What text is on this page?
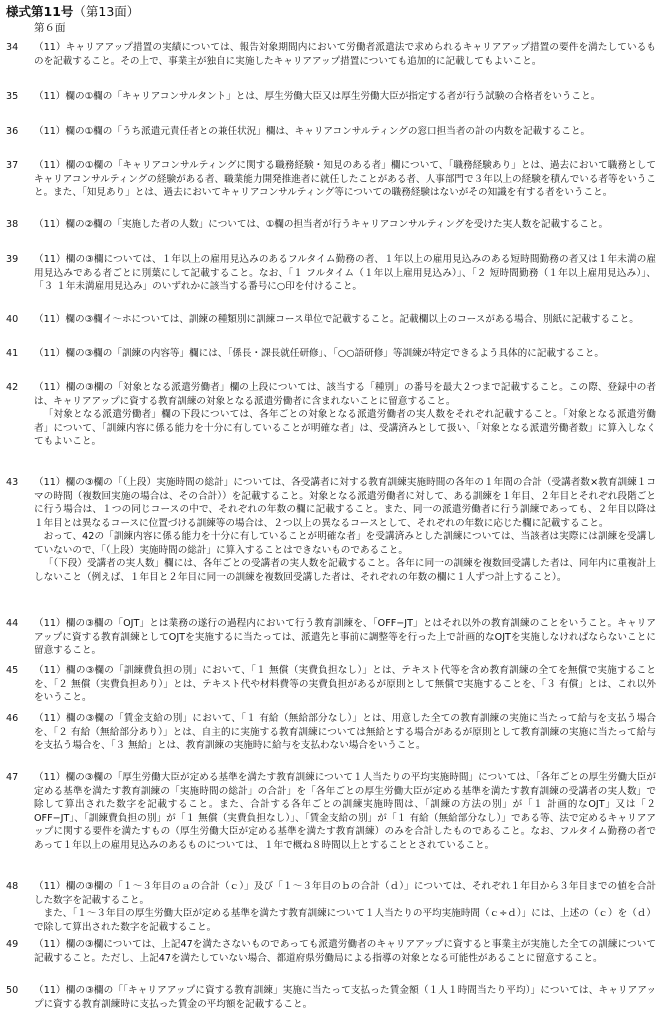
様式第11号（第13面）
第６面
34	（11）キャリアアップ措置の実績については、報告対象期間内において労働者派遣法で求められるキャリアアップ措置の要件を満たしているものを記載すること。その上で、事業主が独自に実施したキャリアアップ措置についても追加的に記載してもよいこと。

35	（11）欄の①欄の「キャリアコンサルタント」とは、厚生労働大臣又は厚生労働大臣が指定する者が行う試験の合格者をいうこと。

36	（11）欄の①欄の「うち派遣元責任者との兼任状況」欄は、キャリアコンサルティングの窓口担当者の計の内数を記載すること。

37	（11）欄の①欄の「キャリアコンサルティングに関する職務経験・知見のある者」欄について、「職務経験あり」とは、過去において職務としてキャリアコンサルティングの経験がある者、職業能力開発推進者に就任したことがある者、人事部門で３年以上の経験を積んでいる者等をいうこと。また、「知見あり」とは、過去においてキャリアコンサルティング等についての職務経験はないがその知識を有する者をいうこと。

38	（11）欄の②欄の「実施した者の人数」については、①欄の担当者が行うキャリアコンサルティングを受けた実人数を記載すること。

39	（11）欄の③欄については、１年以上の雇用見込みのあるフルタイム勤務の者、１年以上の雇用見込みのある短時間勤務の者又は１年未満の雇用見込みである者ごとに別葉にして記載すること。なお、「１ フルタイム（１年以上雇用見込み）」、「２ 短時間勤務（１年以上雇用見込み）」、「３ １年未満雇用見込み」のいずれかに該当する番号に○印を付けること。

40	（11）欄の③欄イ～ホについては、訓練の種類別に訓練コース単位で記載すること。記載欄以上のコースがある場合、別紙に記載すること。

41	（11）欄の③欄の「訓練の内容等」欄には、「係長・課長就任研修」、「○○語研修」等訓練が特定できるよう具体的に記載すること。

42	（11）欄の③欄の「対象となる派遣労働者」欄の上段については、該当する「種別」の番号を最大２つまで記載すること。この際、登録中の者は、キャリアアップに資する教育訓練の対象となる派遣労働者に含まれないことに留意すること。

「対象となる派遣労働者」欄の下段については、各年ごとの対象となる派遣労働者の実人数をそれぞれ記載すること。「対象となる派遣労働者」について、「訓練内容に係る能力を十分に有していることが明確な者」は、受講済みとして扱い、「対象となる派遣労働者数」に算入しなくてもよいこと。

43	（11）欄の③欄の「（上段）実施時間の総計」については、各受講者に対する教育訓練実施時間の各年の１年間の合計（受講者数×教育訓練１コマの時間（複数回実施の場合は、その合計））を記載すること。対象となる派遣労働者に対して、ある訓練を１年目、２年目とそれぞれ段階ごとに行う場合は、１つの同じコースの中で、それぞれの年数の欄に記載すること。また、同一の派遣労働者に行う訓練であっても、２年目以降は１年目とは異なるコースに位置づける訓練等の場合は、２つ以上の異なるコースとして、それぞれの年数に応じた欄に記載すること。

おって、42の「訓練内容に係る能力を十分に有していることが明確な者」を受講済みとした訓練については、当該者は実際には訓練を受講していないので、「（上段）実施時間の総計」に算入することはできないものであること。

「（下段）受講者の実人数」欄には、各年ごとの受講者の実人数を記載すること。各年に同一の訓練を複数回受講した者は、同年内に重複計上しないこと（例えば、１年目と２年目に同一の訓練を複数回受講した者は、それぞれの年数の欄に１人ずつ計上すること）。

44	（11）欄の③欄の「OJT」とは業務の遂行の過程内において行う教育訓練を、「OFF−JT」とはそれ以外の教育訓練のことをいうこと。キャリアアップに資する教育訓練としてOJTを実施するに当たっては、派遣先と事前に調整等を行った上で計画的なOJTを実施しなければならないことに留意すること。

45	（11）欄の③欄の「訓練費負担の別」において、「１ 無償（実費負担なし）」とは、テキスト代等を含め教育訓練の全てを無償で実施することを、「２ 無償（実費負担あり）」とは、テキスト代や材料費等の実費負担があるが原則として無償で実施することを、「３ 有償」とは、これ以外をいうこと。

46	（11）欄の③欄の「賃金支給の別」において、「１ 有給（無給部分なし）」とは、用意した全ての教育訓練の実施に当たって給与を支払う場合を、「２ 有給（無給部分あり）」とは、自主的に実施する教育訓練については無給とする場合があるが原則として教育訓練の実施に当たって給与を支払う場合を、「３ 無給」とは、教育訓練の実施時に給与を支払わない場合をいうこと。

47	（11）欄の③欄の「厚生労働大臣が定める基準を満たす教育訓練について１人当たりの平均実施時間」については、「各年ごとの厚生労働大臣が定める基準を満たす教育訓練の「実施時間の総計」の合計」を「各年ごとの厚生労働大臣が定める基準を満たす教育訓練の受講者の実人数」で除して算出された数字を記載すること。また、合計する各年ごとの訓練実施時間は、「訓練の方法の別」が「１ 計画的なOJT」又は「２ OFF−JT」、「訓練費負担の別」が「１ 無償（実費負担なし）」、「賃金支給の別」が「１ 有給（無給部分なし）」である等、法で定めるキャリアアップに関する要件を満たすもの（厚生労働大臣が定める基準を満たす教育訓練）のみを合計したものであること。なお、フルタイム勤務の者であって１年以上の雇用見込みのあるものについては、１年で概ね８時間以上とすることとされていること。

48	（11）欄の③欄の「１～３年目のａの合計（ｃ）」及び「１～３年目のｂの合計（ｄ）」については、それぞれ１年目から３年目までの値を合計した数字を記載すること。

また、「１～３年目の厚生労働大臣が定める基準を満たす教育訓練について１人当たりの平均実施時間（ｃ÷ｄ）」には、上述の（ｃ）を（ｄ）で除して算出された数字を記載すること。

49	（11）欄の③欄については、上記47を満たさないものであっても派遣労働者のキャリアアップに資すると事業主が実施した全ての訓練について記載すること。ただし、上記47を満たしていない場合、都道府県労働局による指導の対象となる可能性があることに留意すること。

50	（11）欄の③欄の「「キャリアアップに資する教育訓練」実施に当たって支払った賃金額（１人１時間当たり平均）」については、キャリアアップに資する教育訓練時に支払った賃金の平均額を記載すること。
